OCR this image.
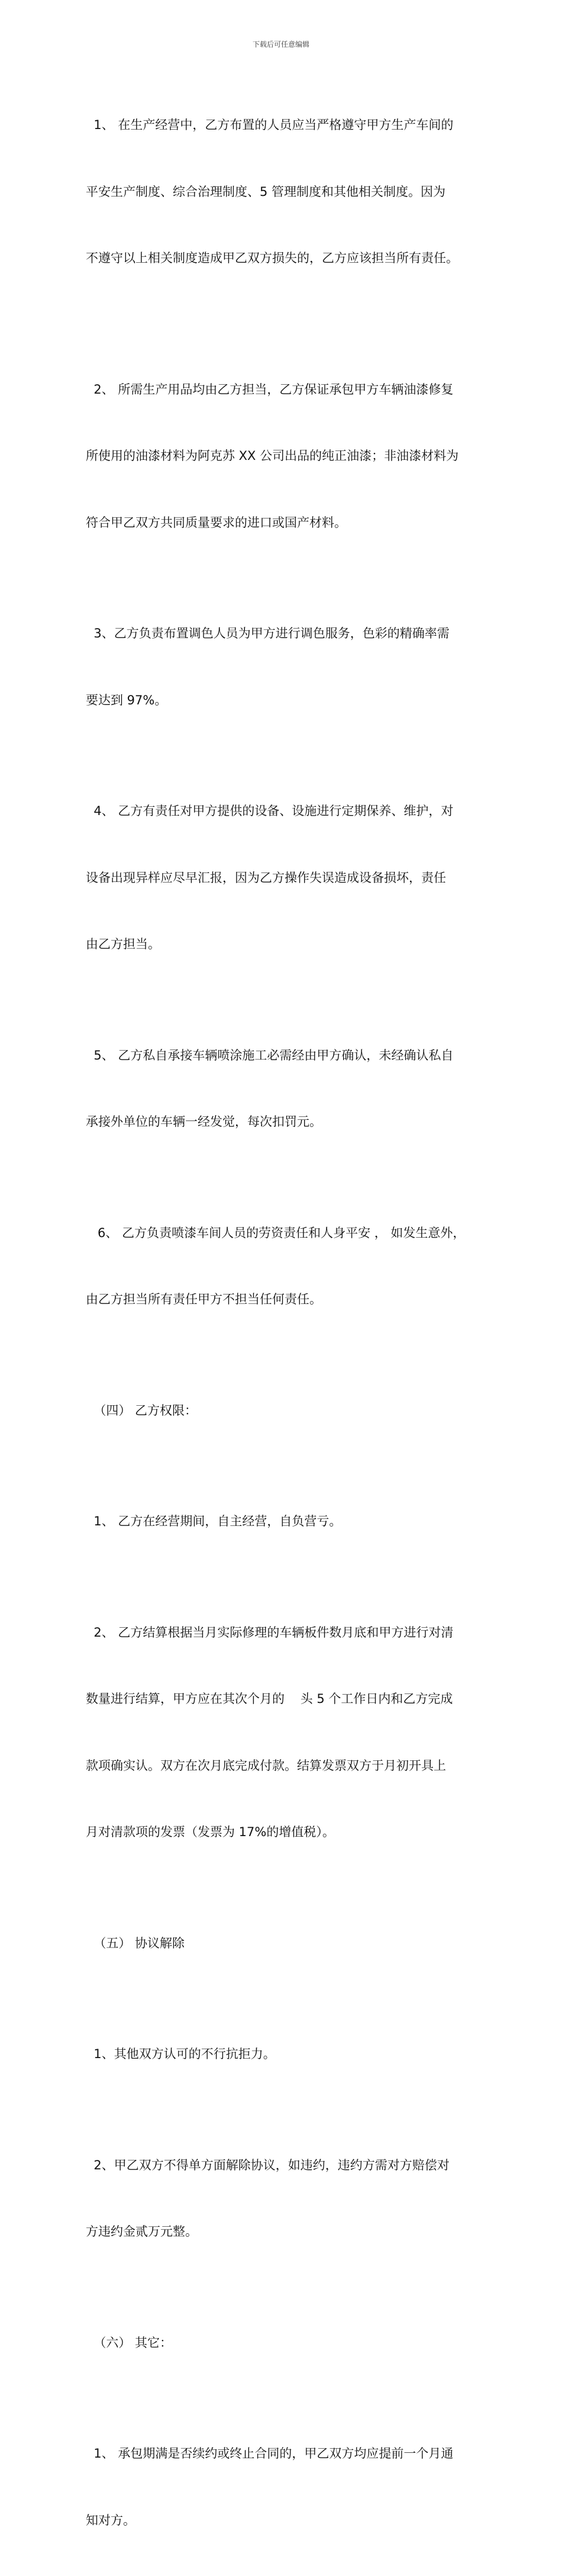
下载后可任意编辑

1、 在生产经营中，乙方布置的人员应当严格遵守甲方生产车间的

平安生产制度、综合治理制度、5 管理制度和其他相关制度。因为

不遵守以上相关制度造成甲乙双方损失的，乙方应该担当所有责任。

2、 所需生产用品均由乙方担当，乙方保证承包甲方车辆油漆修复

所使用的油漆材料为阿克苏 XX 公司出品的纯正油漆；非油漆材料为

符合甲乙双方共同质量要求的进口或国产材料。

3、乙方负责布置调色人员为甲方进行调色服务，色彩的精确率需

要达到 97%。

4、 乙方有责任对甲方提供的设备、设施进行定期保养、维护，对

设备出现异样应尽早汇报，因为乙方操作失误造成设备损坏，责任

由乙方担当。

5、 乙方私自承接车辆喷涂施工必需经由甲方确认，未经确认私自

承接外单位的车辆一经发觉，每次扣罚元。

6、 乙方负责喷漆车间人员的劳资责任和人身平安 ， 如发生意外，

由乙方担当所有责任甲方不担当任何责任。

（四） 乙方权限：

1、 乙方在经营期间，自主经营，自负营亏。

2、 乙方结算根据当月实际修理的车辆板件数月底和甲方进行对清

数量进行结算，甲方应在其次个月的    头 5 个工作日内和乙方完成

款项确实认。双方在次月底完成付款。结算发票双方于月初开具上

月对清款项的发票（发票为 17%的增值税）。

（五） 协议解除

1、其他双方认可的不行抗拒力。

2、甲乙双方不得单方面解除协议，如违约，违约方需对方赔偿对

方违约金贰万元整。

（六） 其它：

1、 承包期满是否续约或终止合同的，甲乙双方均应提前一个月通

知对方。
